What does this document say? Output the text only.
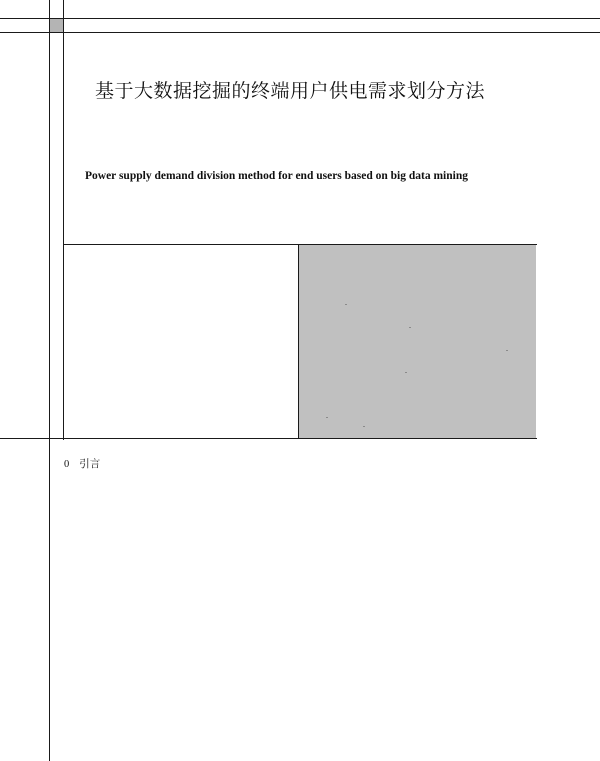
基于大数据挖掘的终端用户供电需求划分方法
Power supply demand division method for end users based on big data mining
0 引言
